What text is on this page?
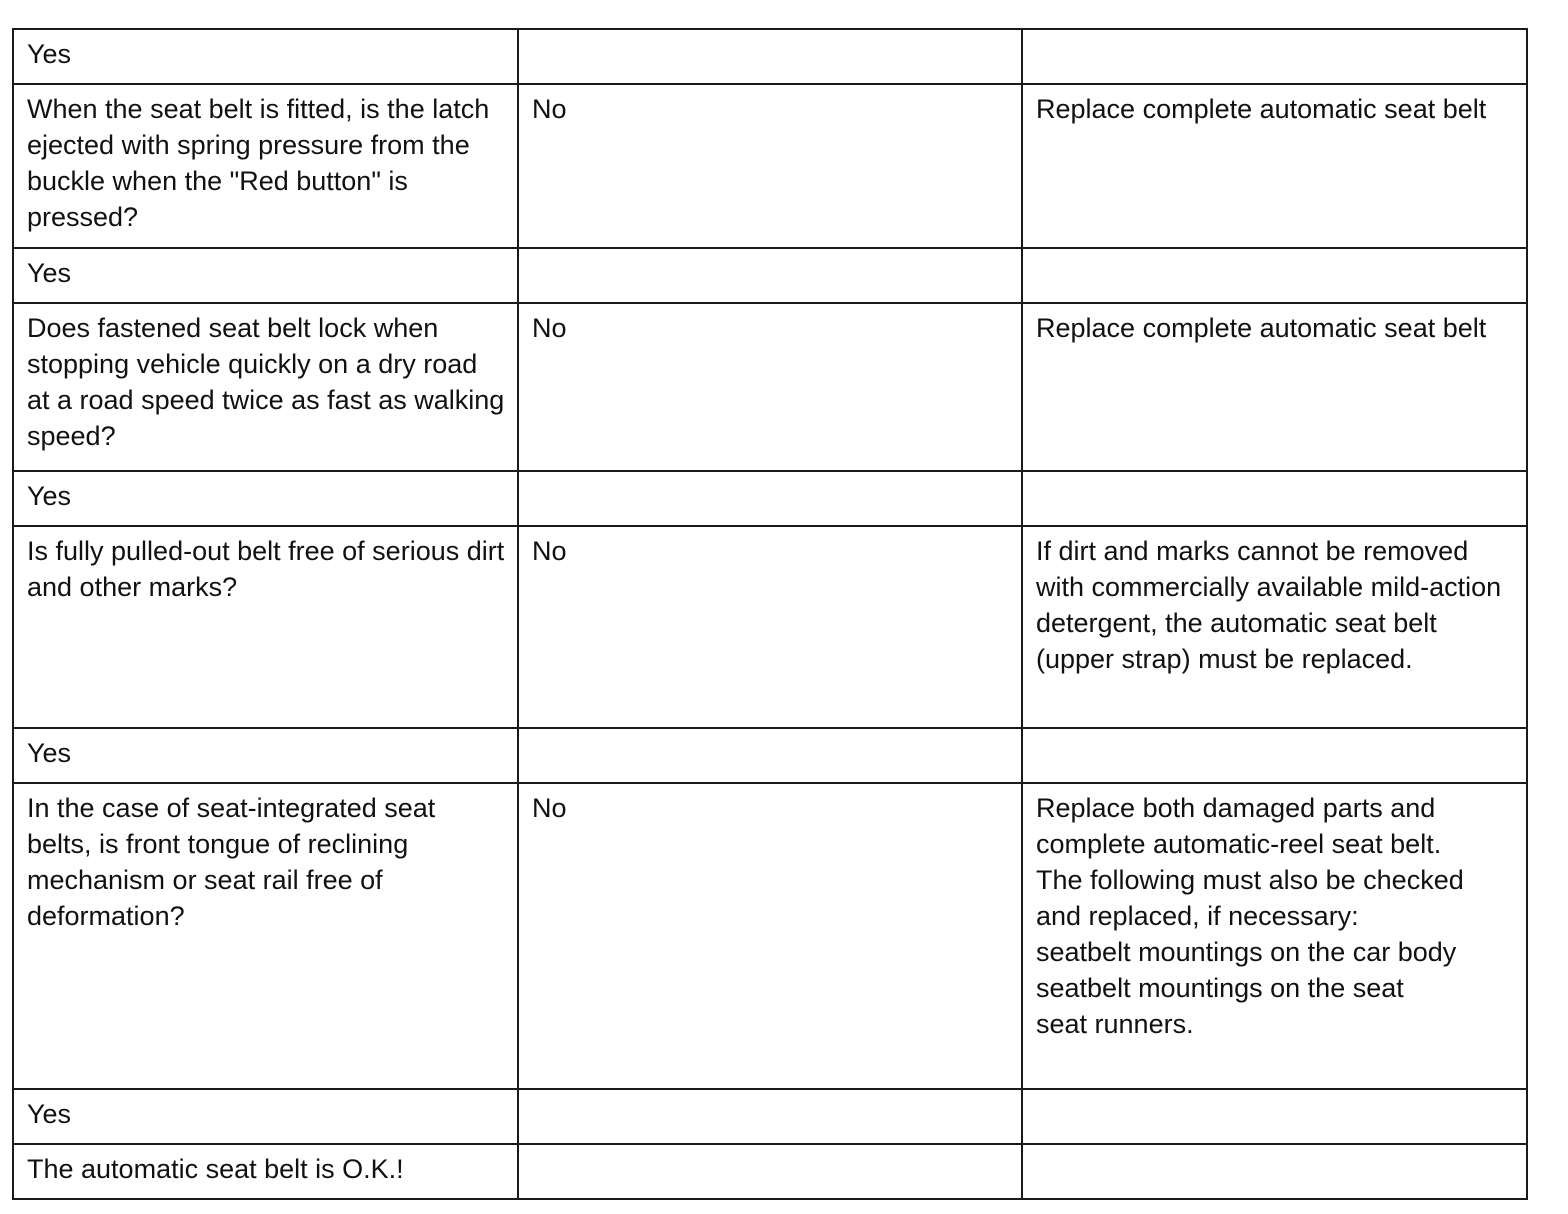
Yes		
When the seat belt is fitted, is the latch ejected with spring pressure from the buckle when the "Red button" is pressed?	No	Replace complete automatic seat belt
Yes		
Does fastened seat belt lock when stopping vehicle quickly on a dry road at a road speed twice as fast as walking speed?	No	Replace complete automatic seat belt
Yes		
Is fully pulled-out belt free of serious dirt and other marks?	No	If dirt and marks cannot be removed with commercially available mild-action detergent, the automatic seat belt (upper strap) must be replaced.
Yes		
In the case of seat-integrated seat belts, is front tongue of reclining mechanism or seat rail free of deformation?	No	Replace both damaged parts and complete automatic-reel seat belt.
The following must also be checked and replaced, if necessary:
seatbelt mountings on the car body
seatbelt mountings on the seat
seat runners.
Yes		
The automatic seat belt is O.K.!		
